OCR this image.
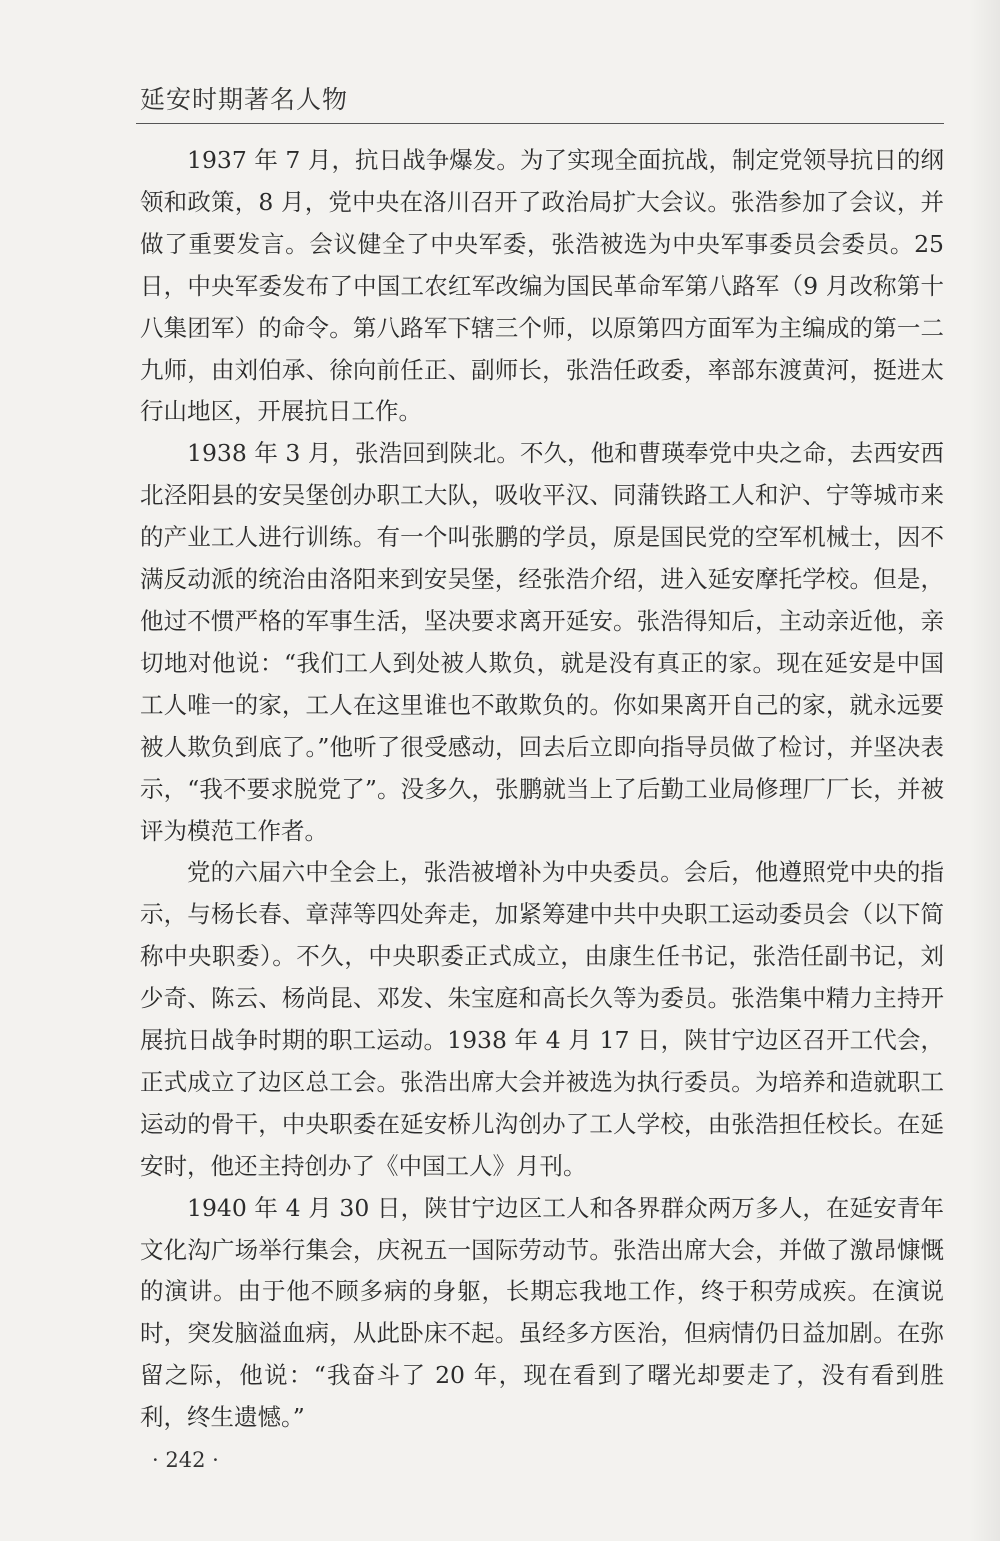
延安时期著名人物

1937 年 7 月，抗日战争爆发。为了实现全面抗战，制定党领导抗日的纲领和政策，8 月，党中央在洛川召开了政治局扩大会议。张浩参加了会议，并做了重要发言。会议健全了中央军委，张浩被选为中央军事委员会委员。25 日，中央军委发布了中国工农红军改编为国民革命军第八路军（9 月改称第十八集团军）的命令。第八路军下辖三个师，以原第四方面军为主编成的第一二九师，由刘伯承、徐向前任正、副师长，张浩任政委，率部东渡黄河，挺进太行山地区，开展抗日工作。

1938 年 3 月，张浩回到陕北。不久，他和曹瑛奉党中央之命，去西安西北泾阳县的安吴堡创办职工大队，吸收平汉、同蒲铁路工人和沪、宁等城市来的产业工人进行训练。有一个叫张鹏的学员，原是国民党的空军机械士，因不满反动派的统治由洛阳来到安吴堡，经张浩介绍，进入延安摩托学校。但是，他过不惯严格的军事生活，坚决要求离开延安。张浩得知后，主动亲近他，亲切地对他说：“我们工人到处被人欺负，就是没有真正的家。现在延安是中国工人唯一的家，工人在这里谁也不敢欺负的。你如果离开自己的家，就永远要被人欺负到底了。”他听了很受感动，回去后立即向指导员做了检讨，并坚决表示，“我不要求脱党了”。没多久，张鹏就当上了后勤工业局修理厂厂长，并被评为模范工作者。

党的六届六中全会上，张浩被增补为中央委员。会后，他遵照党中央的指示，与杨长春、章萍等四处奔走，加紧筹建中共中央职工运动委员会（以下简称中央职委）。不久，中央职委正式成立，由康生任书记，张浩任副书记，刘少奇、陈云、杨尚昆、邓发、朱宝庭和高长久等为委员。张浩集中精力主持开展抗日战争时期的职工运动。1938 年 4 月 17 日，陕甘宁边区召开工代会，正式成立了边区总工会。张浩出席大会并被选为执行委员。为培养和造就职工运动的骨干，中央职委在延安桥儿沟创办了工人学校，由张浩担任校长。在延安时，他还主持创办了《中国工人》月刊。

1940 年 4 月 30 日，陕甘宁边区工人和各界群众两万多人，在延安青年文化沟广场举行集会，庆祝五一国际劳动节。张浩出席大会，并做了激昂慷慨的演讲。由于他不顾多病的身躯，长期忘我地工作，终于积劳成疾。在演说时，突发脑溢血病，从此卧床不起。虽经多方医治，但病情仍日益加剧。在弥留之际，他说：“我奋斗了 20 年，现在看到了曙光却要走了，没有看到胜利，终生遗憾。”

· 242 ·
